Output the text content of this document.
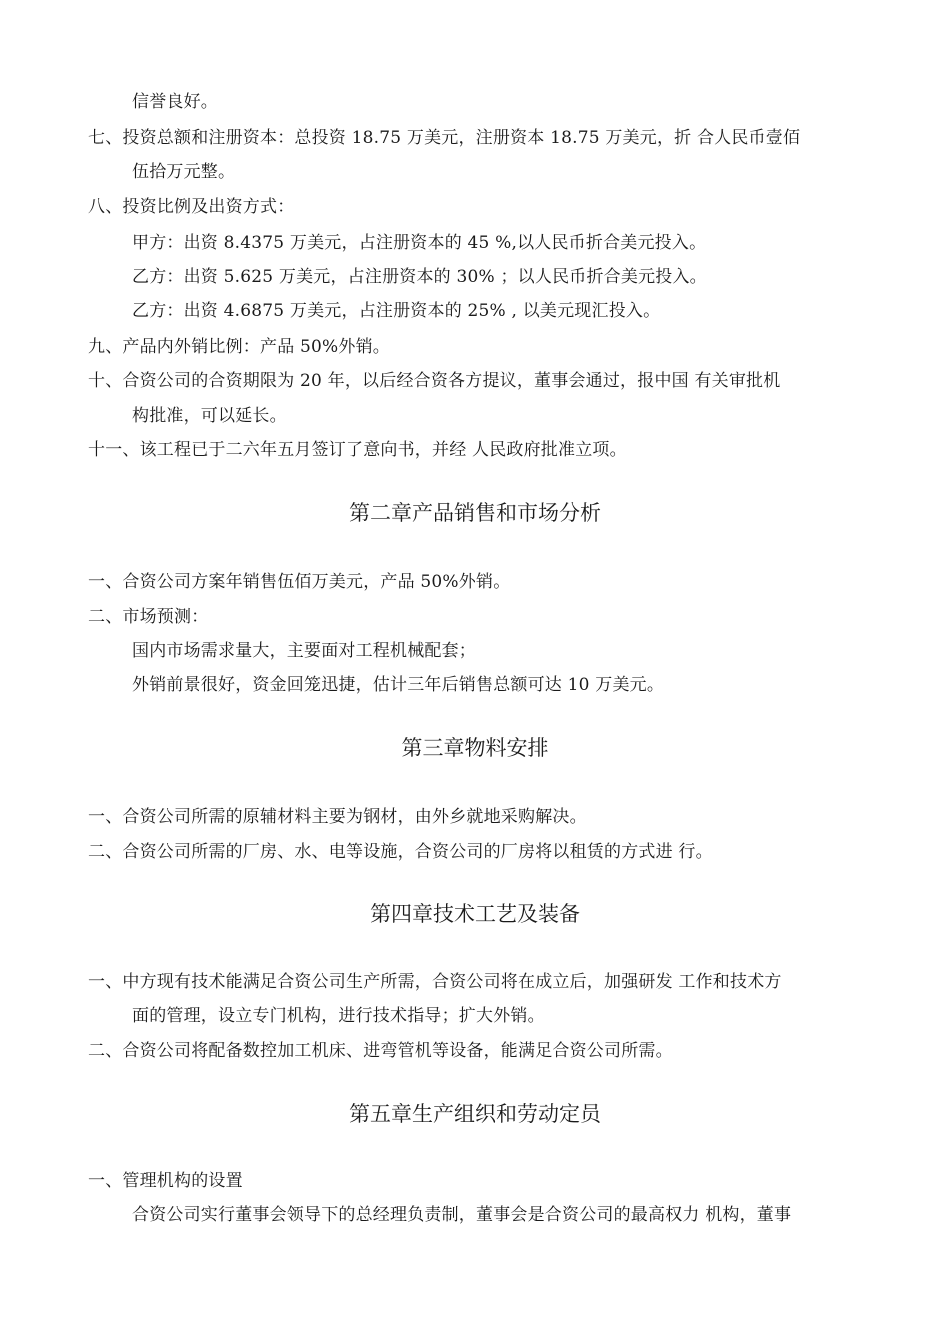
信誉良好。
七、投资总额和注册资本：总投资 18.75 万美元，注册资本 18.75 万美元，折 合人民币壹佰
伍拾万元整。
八、投资比例及出资方式：
甲方：出资 8.4375 万美元，占注册资本的 45 %,以人民币折合美元投入。
乙方：出资 5.625 万美元，占注册资本的 30% ；以人民币折合美元投入。
乙方：出资 4.6875 万美元，占注册资本的 25% , 以美元现汇投入。
九、产品内外销比例：产品 50%外销。
十、合资公司的合资期限为 20 年，以后经合资各方提议，董事会通过，报中国 有关审批机
构批准，可以延长。
十一、该工程已于二六年五月签订了意向书，并经 人民政府批准立项。
第二章产品销售和市场分析
一、合资公司方案年销售伍佰万美元，产品 50%外销。
二、市场预测：
国内市场需求量大，主要面对工程机械配套；
外销前景很好，资金回笼迅捷，估计三年后销售总额可达 10 万美元。
第三章物料安排
一、合资公司所需的原辅材料主要为钢材，由外乡就地采购解决。
二、合资公司所需的厂房、水、电等设施，合资公司的厂房将以租赁的方式进 行。
第四章技术工艺及装备
一、中方现有技术能满足合资公司生产所需，合资公司将在成立后，加强研发 工作和技术方
面的管理，设立专门机构，进行技术指导；扩大外销。
二、合资公司将配备数控加工机床、进弯管机等设备，能满足合资公司所需。
第五章生产组织和劳动定员
一、管理机构的设置
合资公司实行董事会领导下的总经理负责制，董事会是合资公司的最高权力 机构，董事
